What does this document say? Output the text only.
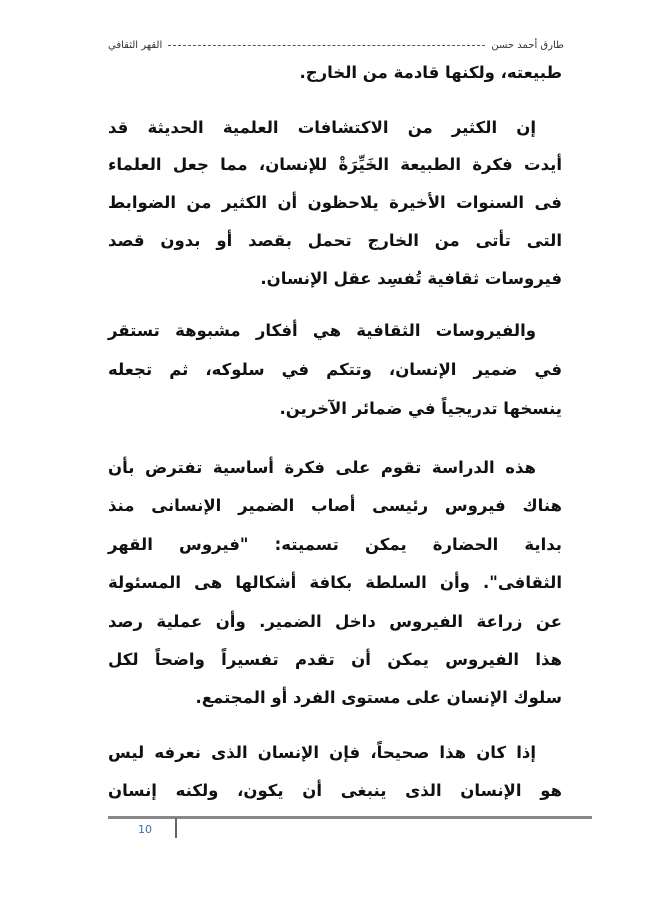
طارق أحمد حسن
القهر الثقافي
طبيعته، ولكنها قادمة من الخارج.
إن الكثير من الاكتشافات العلمية الحديثة قد
أيدت فكرة الطبيعة الخَيِّرَةْ للإنسان، مما جعل العلماء
فى السنوات الأخيرة يلاحظون أن الكثير من الضوابط
التى تأتى من الخارج تحمل بقصد أو بدون قصد
فيروسات ثقافية تُفسِد عقل الإنسان.
والفيروسات الثقافية هي أفكار مشبوهة تستقر
في ضمير الإنسان، وتتكم في سلوكه، ثم تجعله
ينسخها تدريجياً في ضمائر الآخرين.
هذه الدراسة تقوم على فكرة أساسية تفترض بأن
هناك فيروس رئيسى أصاب الضمير الإنسانى منذ
بداية الحضارة يمكن تسميته: "فيروس القهر
الثقافى". وأن السلطة بكافة أشكالها هى المسئولة
عن زراعة الفيروس داخل الضمير. وأن عملية رصد
هذا الفيروس يمكن أن تقدم تفسيراً واضحاً لكل
سلوك الإنسان على مستوى الفرد أو المجتمع.
إذا كان هذا صحيحاً، فإن الإنسان الذى نعرفه ليس
هو الإنسان الذى ينبغى أن يكون، ولكنه إنسان
10
